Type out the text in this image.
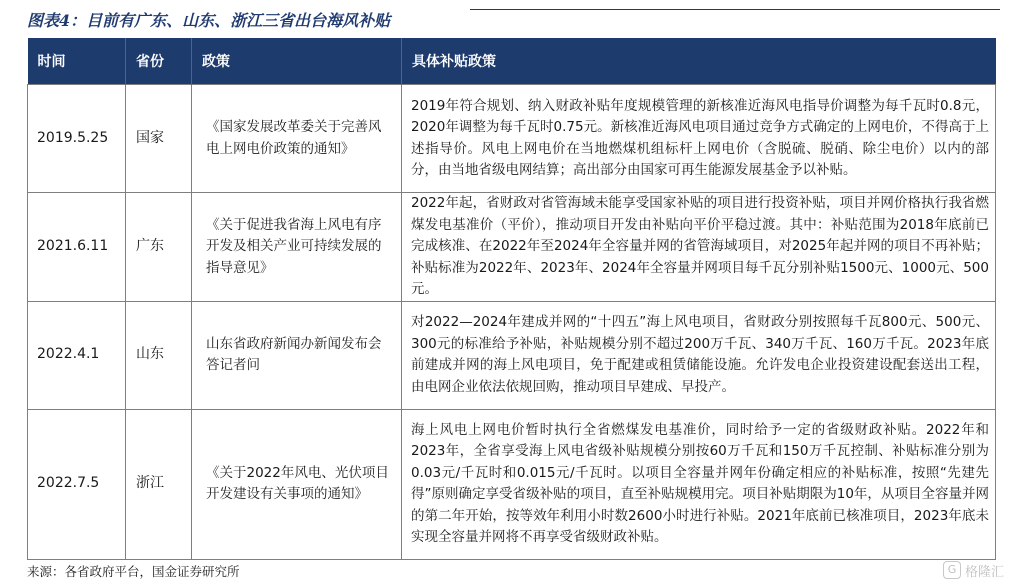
图表4：目前有广东、山东、浙江三省出台海风补贴
时间	省份	政策	具体补贴政策
2019.5.25	国家	《国家发展改革委关于完善风电上网电价政策的通知》	2019年符合规划、纳入财政补贴年度规模管理的新核准近海风电指导价调整为每千瓦时0.8元，2020年调整为每千瓦时0.75元。新核准近海风电项目通过竞争方式确定的上网电价，不得高于上述指导价。风电上网电价在当地燃煤机组标杆上网电价（含脱硫、脱硝、除尘电价）以内的部分，由当地省级电网结算；高出部分由国家可再生能源发展基金予以补贴。
2021.6.11	广东	《关于促进我省海上风电有序开发及相关产业可持续发展的指导意见》	2022年起，省财政对省管海域未能享受国家补贴的项目进行投资补贴，项目并网价格执行我省燃煤发电基准价（平价），推动项目开发由补贴向平价平稳过渡。其中：补贴范围为2018年底前已完成核准、在2022年至2024年全容量并网的省管海域项目，对2025年起并网的项目不再补贴；补贴标准为2022年、2023年、2024年全容量并网项目每千瓦分别补贴1500元、1000元、500元。
2022.4.1	山东	山东省政府新闻办新闻发布会答记者问	对2022—2024年建成并网的“十四五”海上风电项目，省财政分别按照每千瓦800元、500元、300元的标准给予补贴，补贴规模分别不超过200万千瓦、340万千瓦、160万千瓦。2023年底前建成并网的海上风电项目，免于配建或租赁储能设施。允许发电企业投资建设配套送出工程，由电网企业依法依规回购，推动项目早建成、早投产。
2022.7.5	浙江	《关于2022年风电、光伏项目开发建设有关事项的通知》	海上风电上网电价暂时执行全省燃煤发电基准价，同时给予一定的省级财政补贴。2022年和2023年，全省享受海上风电省级补贴规模分别按60万千瓦和150万千瓦控制、补贴标准分别为0.03元/千瓦时和0.015元/千瓦时。以项目全容量并网年份确定相应的补贴标准，按照“先建先得”原则确定享受省级补贴的项目，直至补贴规模用完。项目补贴期限为10年，从项目全容量并网的第二年开始，按等效年利用小时数2600小时进行补贴。2021年底前已核准项目，2023年底未实现全容量并网将不再享受省级财政补贴。
来源：各省政府平台，国金证券研究所	G 格隆汇
